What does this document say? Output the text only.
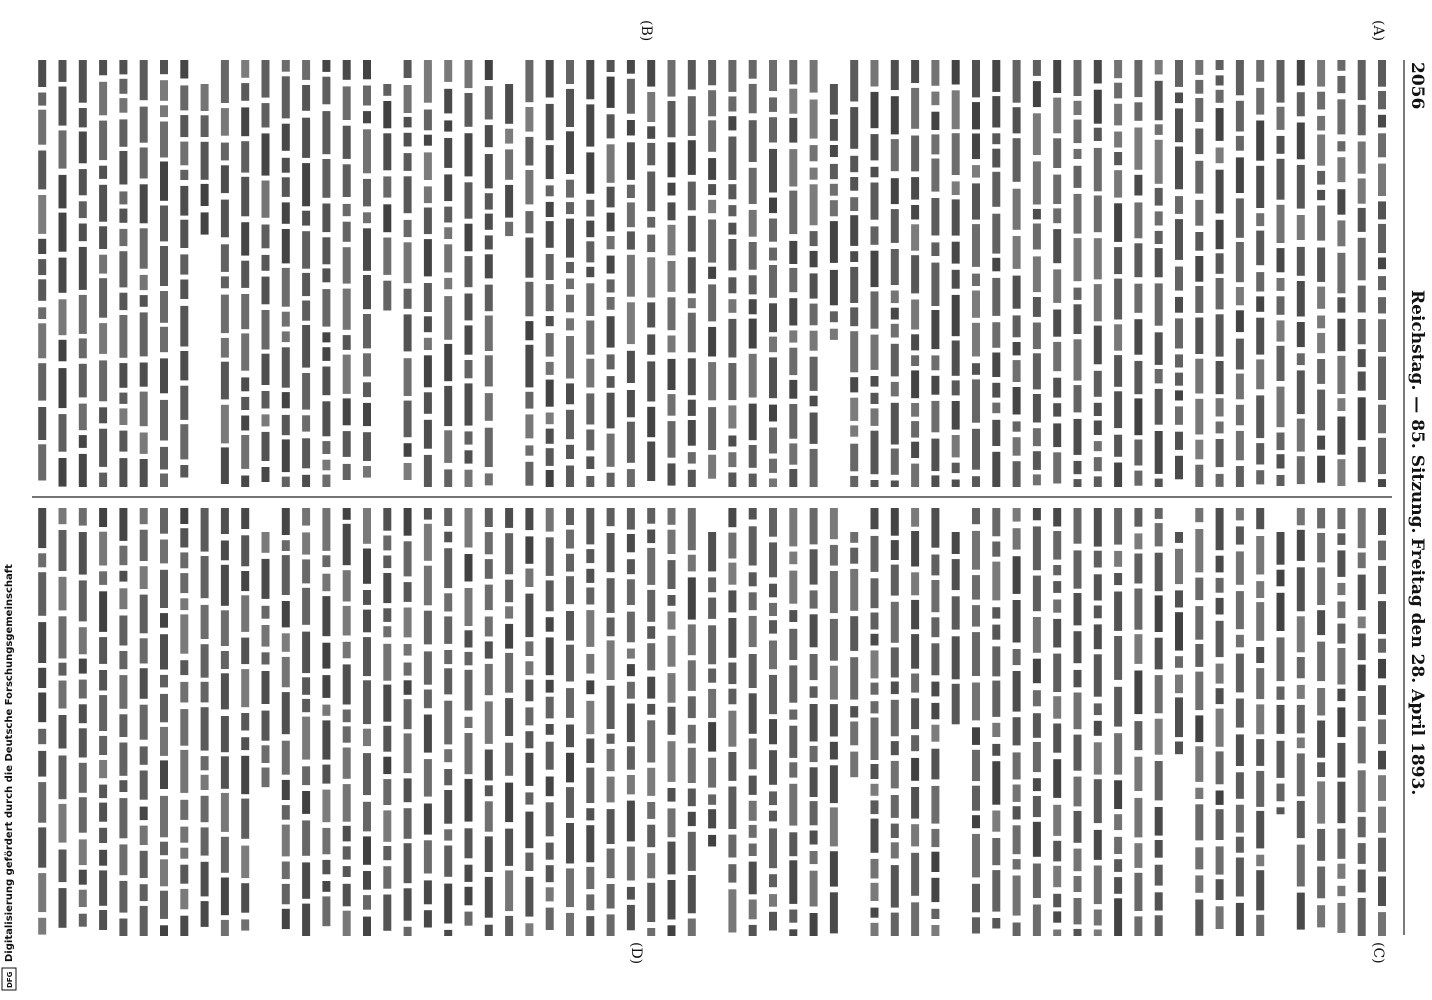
2056
Reichstag. — 85. Sitzung.
Freitag den 28. April 1893.
(A)
(B)
(C)
(D)
Digitalisierung gefördert durch die Deutsche Forschungsgemeinschaft
DFG
